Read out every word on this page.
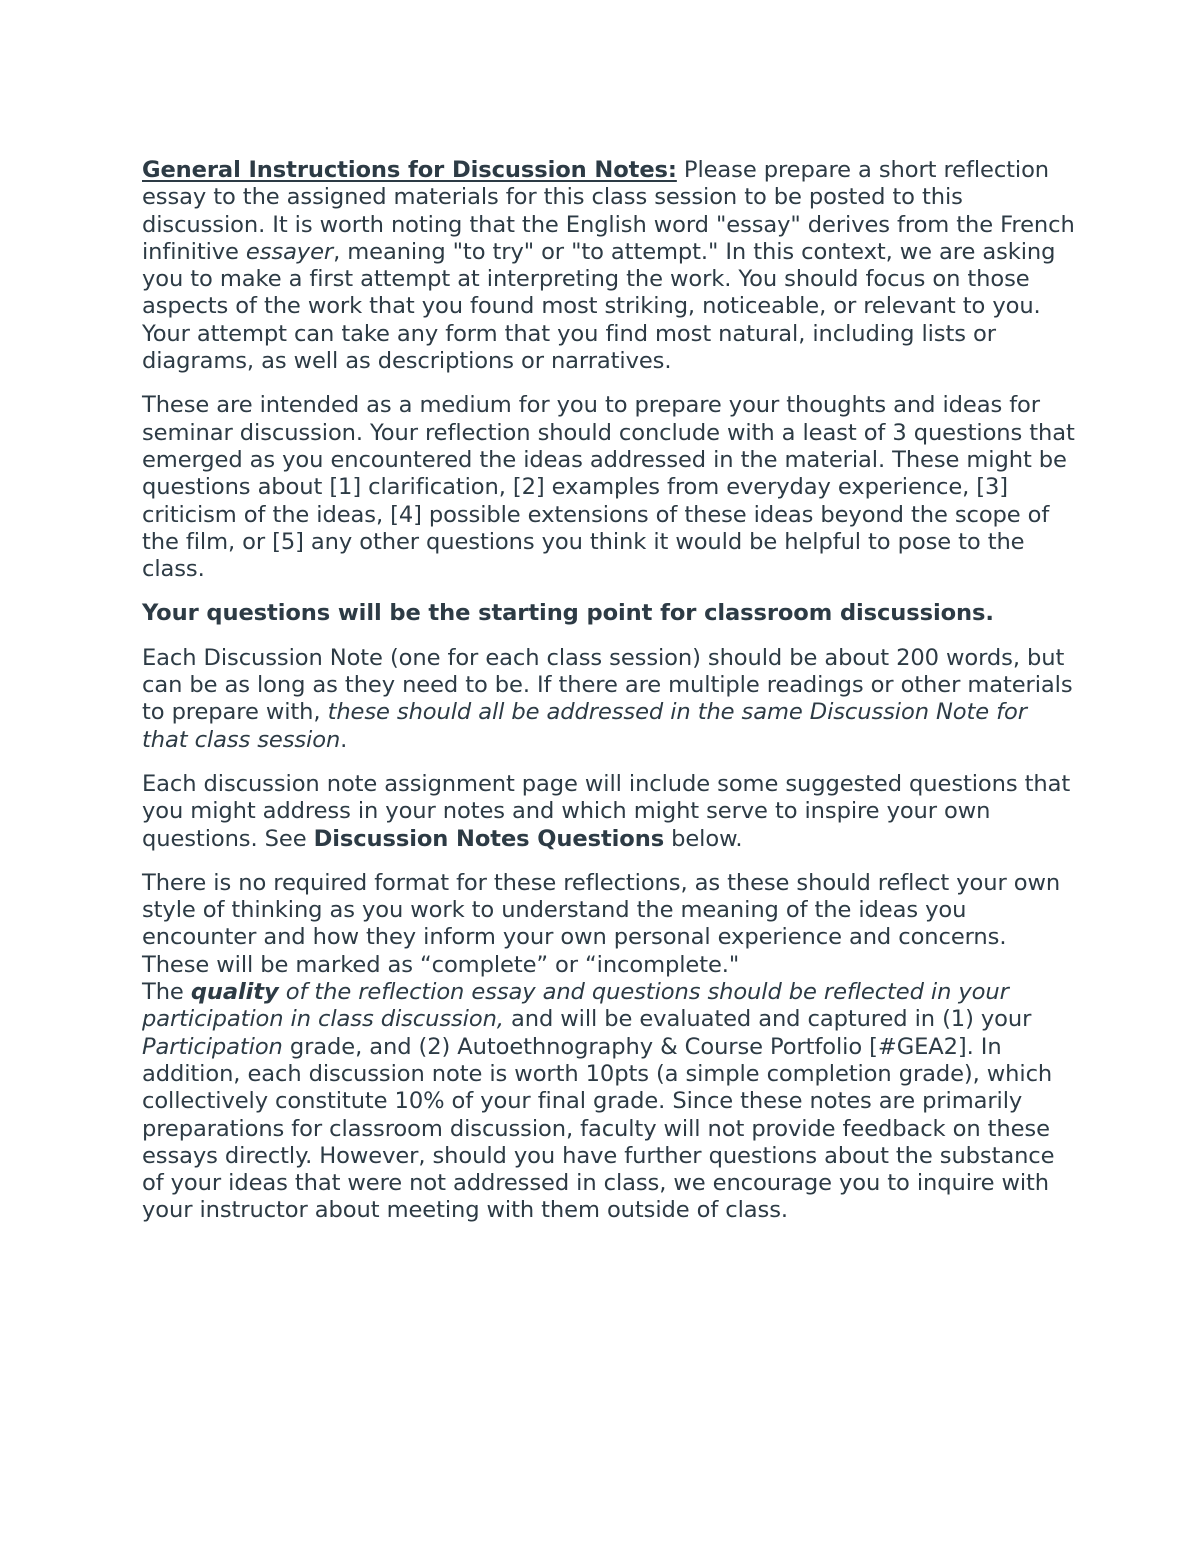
General Instructions for Discussion Notes: Please prepare a short reflection essay to the assigned materials for this class session to be posted to this discussion. It is worth noting that the English word "essay" derives from the French infinitive essayer, meaning "to try" or "to attempt." In this context, we are asking you to make a first attempt at interpreting the work. You should focus on those aspects of the work that you found most striking, noticeable, or relevant to you. Your attempt can take any form that you find most natural, including lists or diagrams, as well as descriptions or narratives.

These are intended as a medium for you to prepare your thoughts and ideas for seminar discussion. Your reflection should conclude with a least of 3 questions that emerged as you encountered the ideas addressed in the material. These might be questions about [1] clarification, [2] examples from everyday experience, [3] criticism of the ideas, [4] possible extensions of these ideas beyond the scope of the film, or [5] any other questions you think it would be helpful to pose to the class.

Your questions will be the starting point for classroom discussions.

Each Discussion Note (one for each class session) should be about 200 words, but can be as long as they need to be. If there are multiple readings or other materials to prepare with, these should all be addressed in the same Discussion Note for that class session.

Each discussion note assignment page will include some suggested questions that you might address in your notes and which might serve to inspire your own questions. See Discussion Notes Questions below.

There is no required format for these reflections, as these should reflect your own style of thinking as you work to understand the meaning of the ideas you encounter and how they inform your own personal experience and concerns. These will be marked as “complete” or “incomplete."
The quality of the reflection essay and questions should be reflected in your participation in class discussion, and will be evaluated and captured in (1) your Participation grade, and (2) Autoethnography & Course Portfolio [#GEA2]. In addition, each discussion note is worth 10pts (a simple completion grade), which collectively constitute 10% of your final grade. Since these notes are primarily preparations for classroom discussion, faculty will not provide feedback on these essays directly. However, should you have further questions about the substance of your ideas that were not addressed in class, we encourage you to inquire with your instructor about meeting with them outside of class.
